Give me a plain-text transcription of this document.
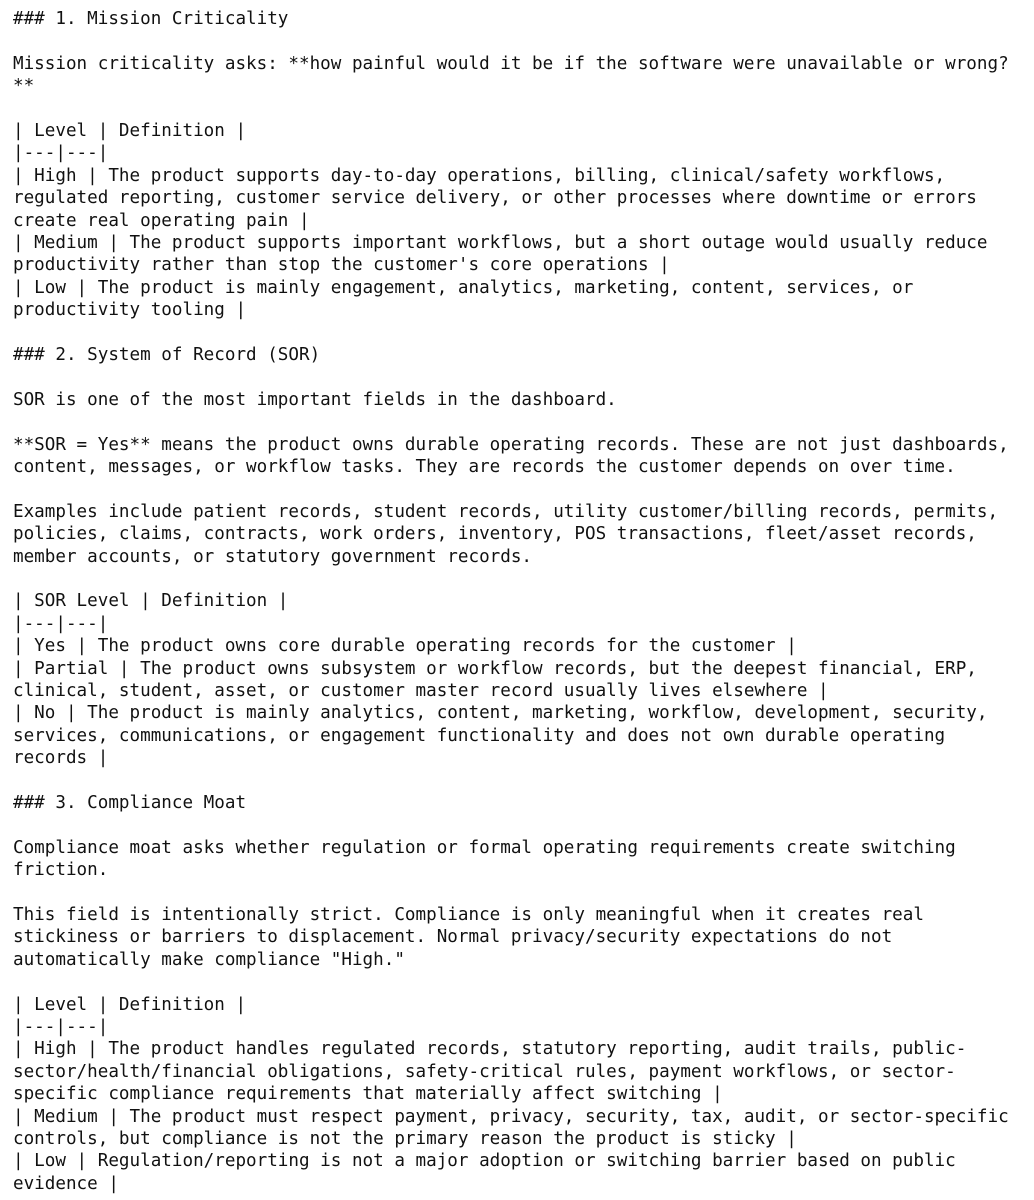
### 1. Mission Criticality
Mission criticality asks: **how painful would it be if the software were unavailable or wrong?
**
| Level | Definition |
|---|---|
| High | The product supports day-to-day operations, billing, clinical/safety workflows,
regulated reporting, customer service delivery, or other processes where downtime or errors
create real operating pain |
| Medium | The product supports important workflows, but a short outage would usually reduce
productivity rather than stop the customer's core operations |
| Low | The product is mainly engagement, analytics, marketing, content, services, or
productivity tooling |
### 2. System of Record (SOR)
SOR is one of the most important fields in the dashboard.
**SOR = Yes** means the product owns durable operating records. These are not just dashboards,
content, messages, or workflow tasks. They are records the customer depends on over time.
Examples include patient records, student records, utility customer/billing records, permits,
policies, claims, contracts, work orders, inventory, POS transactions, fleet/asset records,
member accounts, or statutory government records.
| SOR Level | Definition |
|---|---|
| Yes | The product owns core durable operating records for the customer |
| Partial | The product owns subsystem or workflow records, but the deepest financial, ERP,
clinical, student, asset, or customer master record usually lives elsewhere |
| No | The product is mainly analytics, content, marketing, workflow, development, security,
services, communications, or engagement functionality and does not own durable operating
records |
### 3. Compliance Moat
Compliance moat asks whether regulation or formal operating requirements create switching
friction.
This field is intentionally strict. Compliance is only meaningful when it creates real
stickiness or barriers to displacement. Normal privacy/security expectations do not
automatically make compliance "High."
| Level | Definition |
|---|---|
| High | The product handles regulated records, statutory reporting, audit trails, public-
sector/health/financial obligations, safety-critical rules, payment workflows, or sector-
specific compliance requirements that materially affect switching |
| Medium | The product must respect payment, privacy, security, tax, audit, or sector-specific
controls, but compliance is not the primary reason the product is sticky |
| Low | Regulation/reporting is not a major adoption or switching barrier based on public
evidence |
